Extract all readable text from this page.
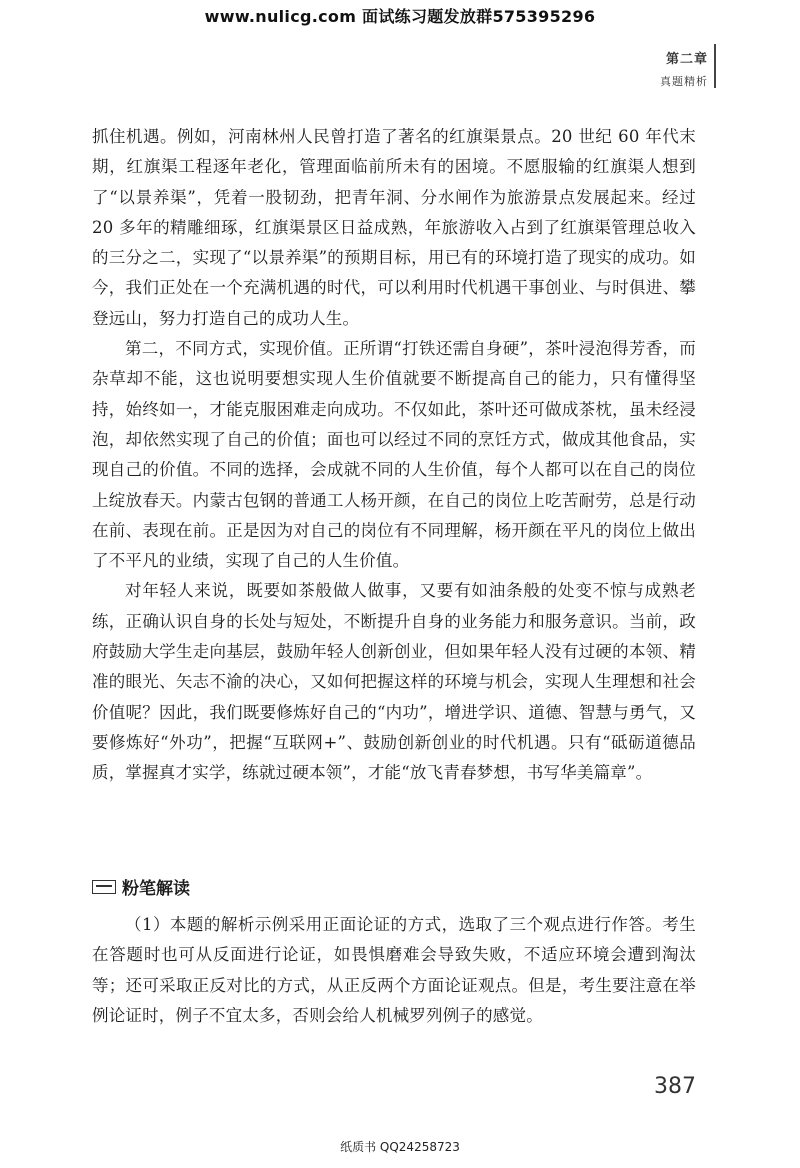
www.nulicg.com 面试练习题发放群575395296
第二章
真题精析

抓住机遇。例如，河南林州人民曾打造了著名的红旗渠景点。20 世纪 60 年代末期，红旗渠工程逐年老化，管理面临前所未有的困境。不愿服输的红旗渠人想到了“以景养渠”，凭着一股韧劲，把青年洞、分水闸作为旅游景点发展起来。经过 20 多年的精雕细琢，红旗渠景区日益成熟，年旅游收入占到了红旗渠管理总收入的三分之二，实现了“以景养渠”的预期目标，用已有的环境打造了现实的成功。如今，我们正处在一个充满机遇的时代，可以利用时代机遇干事创业、与时俱进、攀登远山，努力打造自己的成功人生。

第二，不同方式，实现价值。正所谓“打铁还需自身硬”，茶叶浸泡得芳香，而杂草却不能，这也说明要想实现人生价值就要不断提高自己的能力，只有懂得坚持，始终如一，才能克服困难走向成功。不仅如此，茶叶还可做成茶枕，虽未经浸泡，却依然实现了自己的价值；面也可以经过不同的烹饪方式，做成其他食品，实现自己的价值。不同的选择，会成就不同的人生价值，每个人都可以在自己的岗位上绽放春天。内蒙古包钢的普通工人杨开颜，在自己的岗位上吃苦耐劳，总是行动在前、表现在前。正是因为对自己的岗位有不同理解，杨开颜在平凡的岗位上做出了不平凡的业绩，实现了自己的人生价值。

对年轻人来说，既要如茶般做人做事，又要有如油条般的处变不惊与成熟老练，正确认识自身的长处与短处，不断提升自身的业务能力和服务意识。当前，政府鼓励大学生走向基层，鼓励年轻人创新创业，但如果年轻人没有过硬的本领、精准的眼光、矢志不渝的决心，又如何把握这样的环境与机会，实现人生理想和社会价值呢？因此，我们既要修炼好自己的“内功”，增进学识、道德、智慧与勇气，又要修炼好“外功”，把握“互联网+”、鼓励创新创业的时代机遇。只有“砥砺道德品质，掌握真才实学，练就过硬本领”，才能“放飞青春梦想，书写华美篇章”。

粉笔解读

（1）本题的解析示例采用正面论证的方式，选取了三个观点进行作答。考生在答题时也可从反面进行论证，如畏惧磨难会导致失败，不适应环境会遭到淘汰等；还可采取正反对比的方式，从正反两个方面论证观点。但是，考生要注意在举例论证时，例子不宜太多，否则会给人机械罗列例子的感觉。

387
纸质书 QQ24258723
